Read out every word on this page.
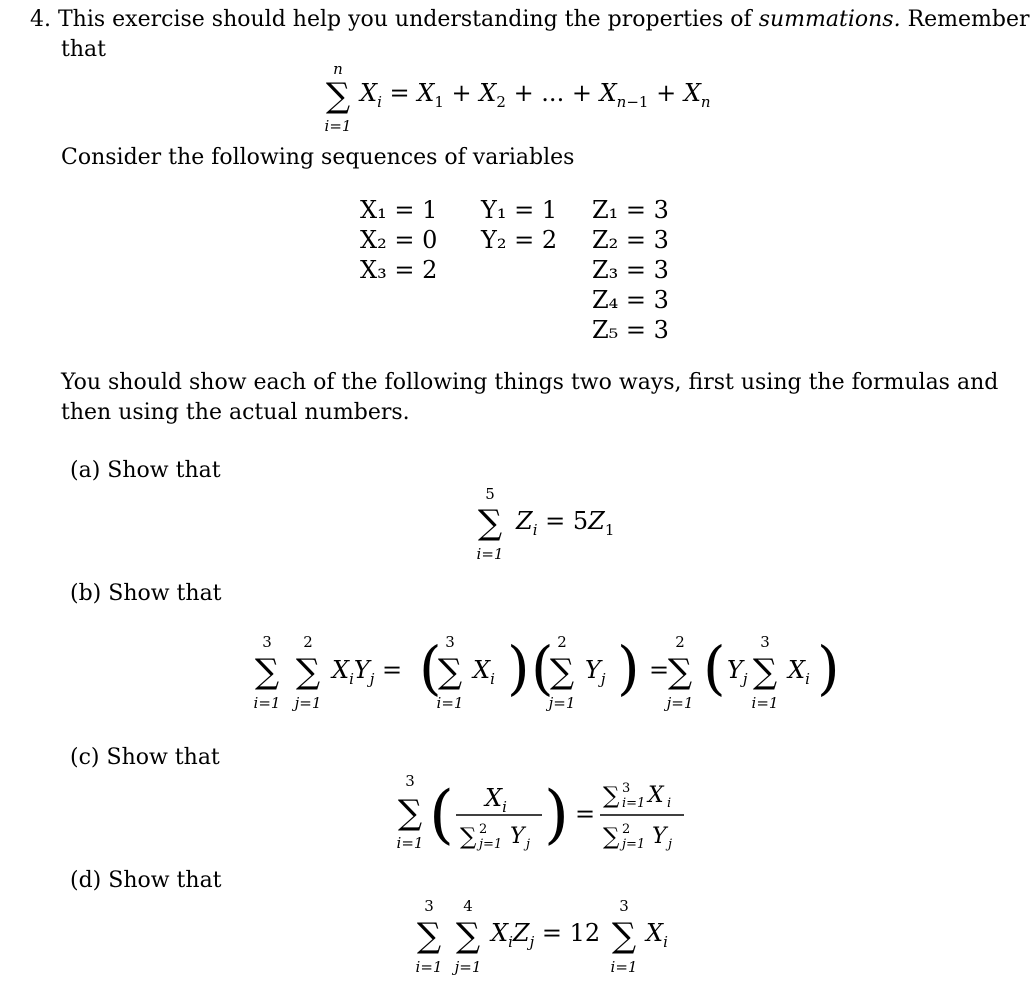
4. This exercise should help you understanding the properties of summations. Remember
that
n
∑
i=1
$X_i = X_1 + X_2$ + ... + $X_n-1 + X_n$
Consider the following sequences of variables
X₁ = 1
X₂ = 0
X₃ = 2
Y₁ = 1
Y₂ = 2
Z₁ = 3
Z₂ = 3
Z₃ = 3
Z₄ = 3
Z₅ = 3
You should show each of the following things two ways, first using the formulas and
then using the actual numbers.
(a) Show that
5
∑
i=1
$Z_i = 5Z_1$
(b) Show that
3
∑
i=1
2
∑
j=1
$X_iY_j$ = ( 3
∑
i=1
$X_i$ ) ( 2
∑
j=1
$Y_j$ ) =
2
∑
j=1
( $Y_j$
3
∑
i=1
$X_i$ )
(c) Show that
3
∑
i=1 ( $X_i$
∑ 2
j=1 Y j ) =
∑ 3
i=1 X i
∑ 2
j=1 Y j
(d) Show that
3
∑
i=1
4
∑
j=1
$X_iZ_j = 12$
3
∑
i=1
$X_i$
